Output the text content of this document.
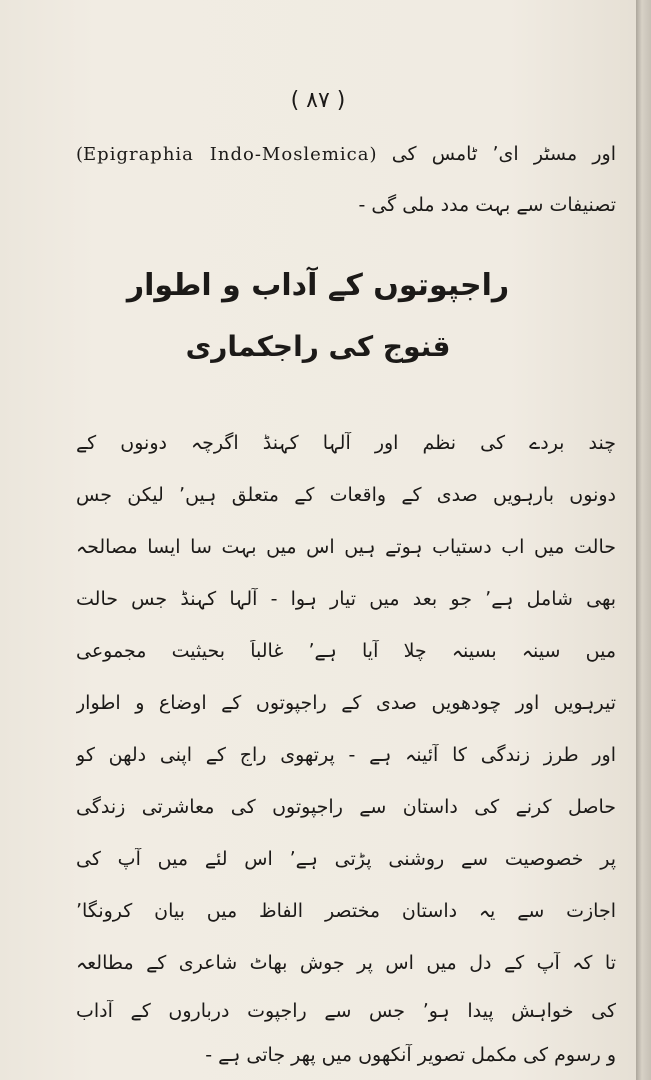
( ۸۷ )
اور مسٹر ای٬ ٹامس کی (Epigraphia Indo-Moslemica)
تصنیفات سے بہت مدد ملی گی -
راجپوتوں کے آداب و اطوار
قنوج کی راجکماری
چند بردے کی نظم اور آلہا کہنڈ اگرچہ دونوں کے
دونوں بارہویں صدی کے واقعات کے متعلق ہیں٬ لیکن جس
حالت میں اب دستیاب ہوتے ہیں اس میں بہت سا ایسا مصالحہ
بھی شامل ہے٬ جو بعد میں تیار ہوا - آلہا کہنڈ جس حالت
میں سینہ بسینہ چلا آیا ہے٬ غالباً بحیثیت مجموعی
تیرہویں اور چودھویں صدی کے راجپوتوں کے اوضاع و اطوار
اور طرز زندگی کا آئینہ ہے - پرتھوی راج کے اپنی دلھن کو
حاصل کرنے کی داستان سے راجپوتوں کی معاشرتی زندگی
پر خصوصیت سے روشنی پڑتی ہے٬ اس لئے میں آپ کی
اجازت سے یہ داستان مختصر الفاظ میں بیان کرونگا٬
تا کہ آپ کے دل میں اس پر جوش بھاٹ شاعری کے مطالعہ
کی خواہش پیدا ہو٬ جس سے راجپوت درباروں کے آداب
و رسوم کی مکمل تصویر آنکھوں میں پھر جاتی ہے -
